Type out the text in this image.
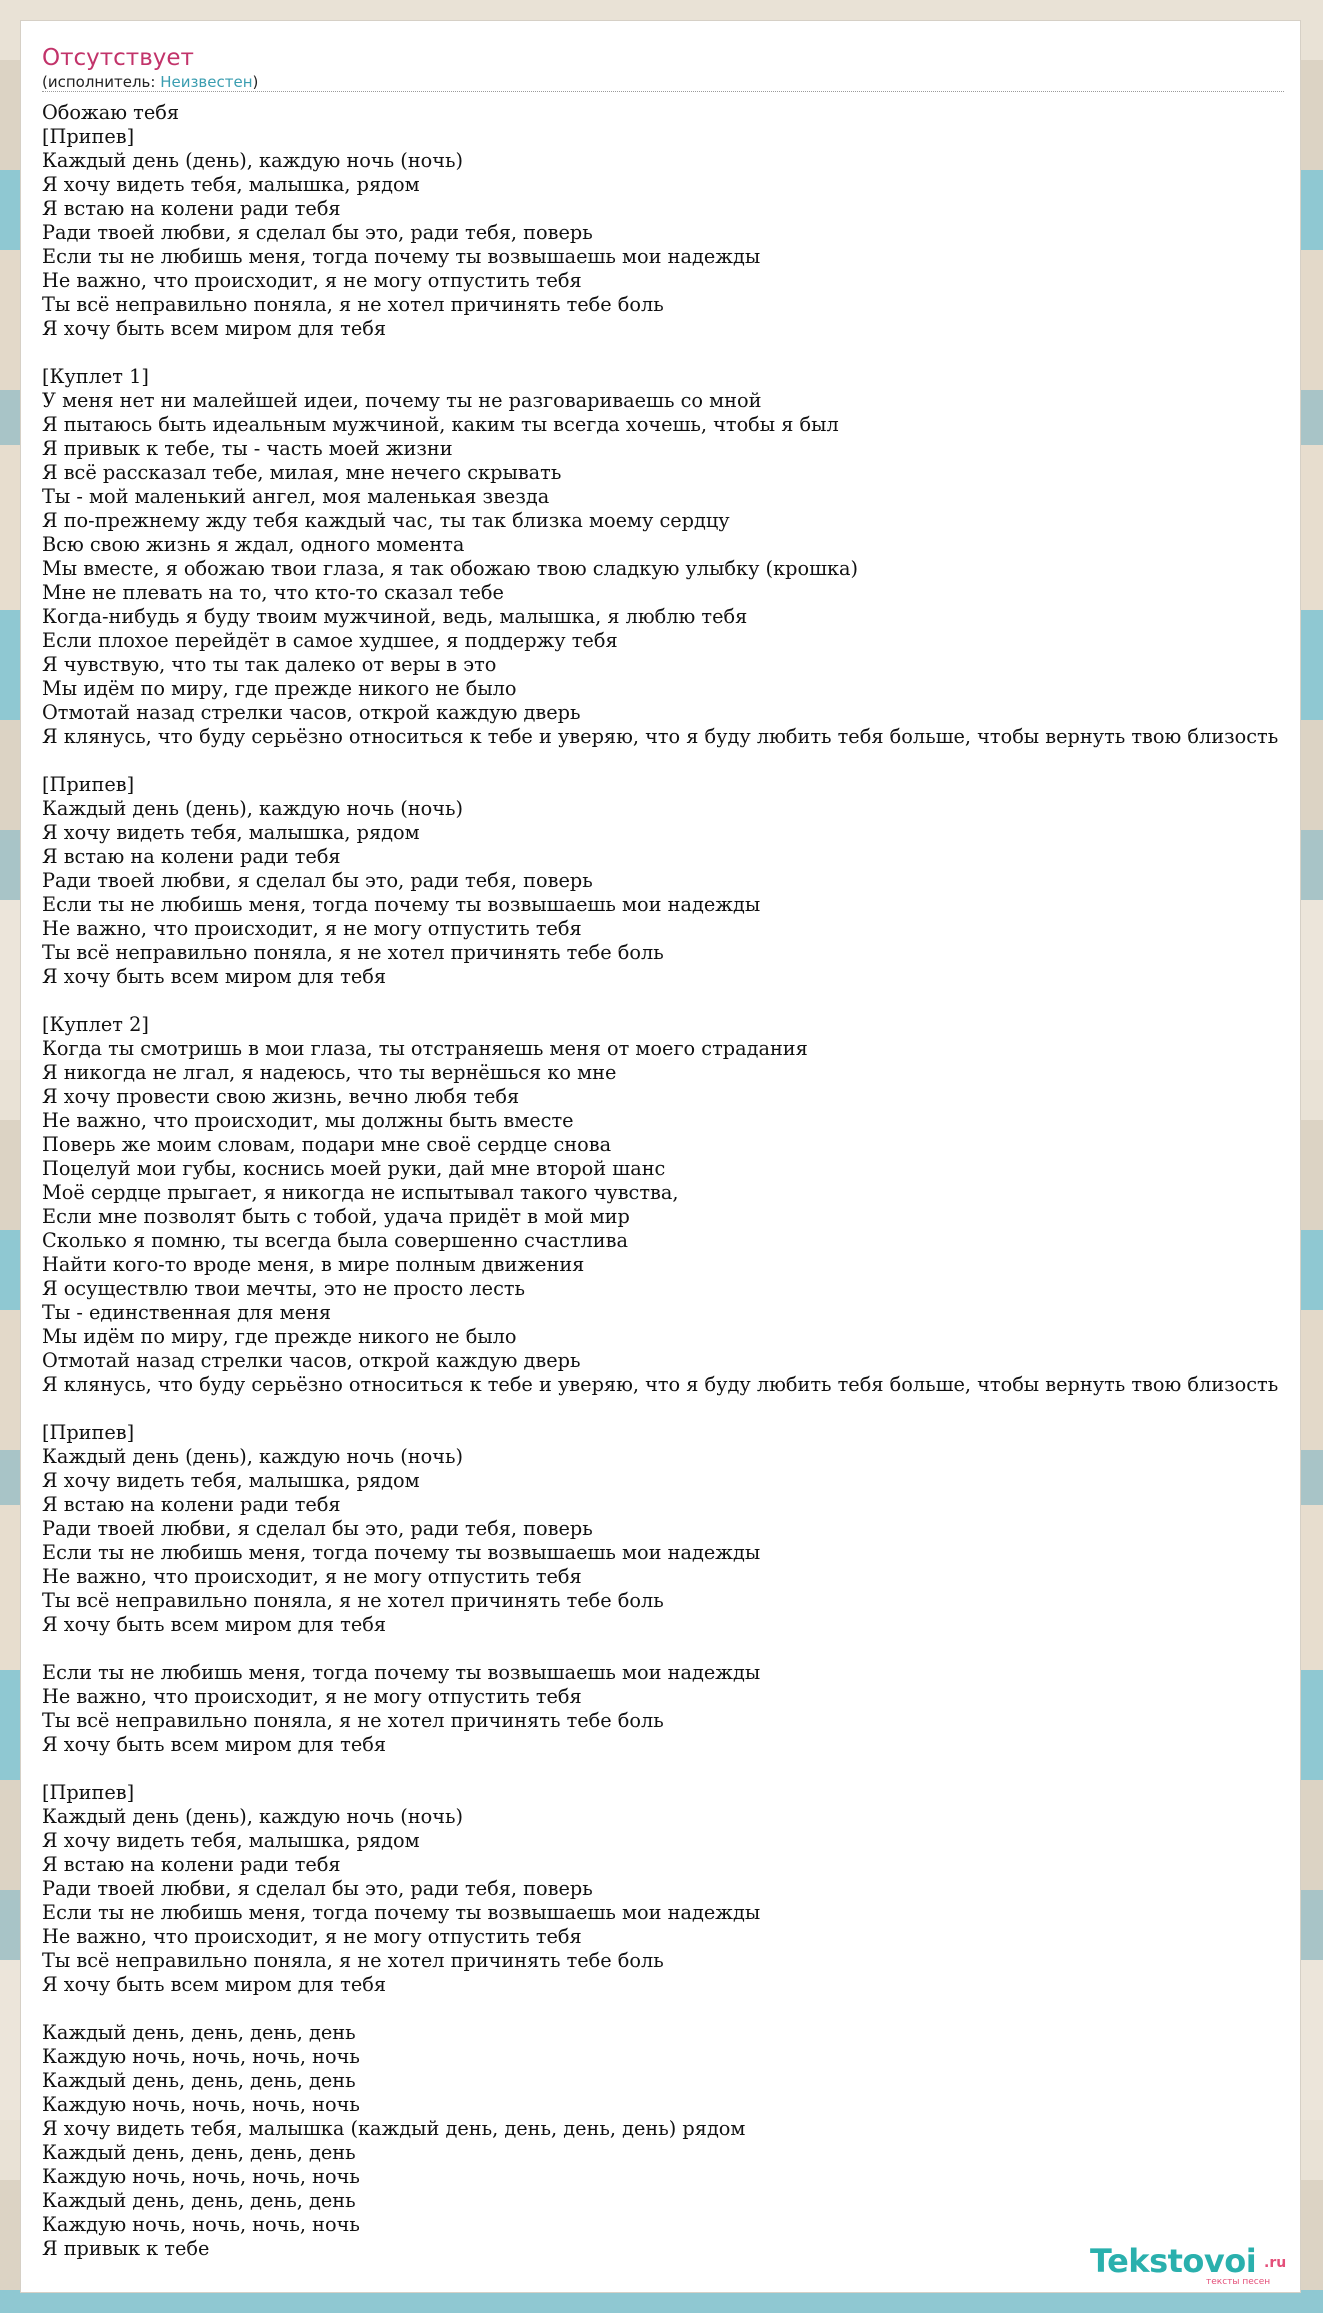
Отсутствует
(исполнитель: Неизвестен)
Обожаю тебя
[Припев]
Каждый день (день), каждую ночь (ночь)
Я хочу видеть тебя, малышка, рядом
Я встаю на колени ради тебя
Ради твоей любви, я сделал бы это, ради тебя, поверь
Если ты не любишь меня, тогда почему ты возвышаешь мои надежды
Не важно, что происходит, я не могу отпустить тебя
Ты всё неправильно поняла, я не хотел причинять тебе боль
Я хочу быть всем миром для тебя

[Куплет 1]
У меня нет ни малейшей идеи, почему ты не разговариваешь со мной
Я пытаюсь быть идеальным мужчиной, каким ты всегда хочешь, чтобы я был
Я привык к тебе, ты - часть моей жизни
Я всё рассказал тебе, милая, мне нечего скрывать
Ты - мой маленький ангел, моя маленькая звезда
Я по-прежнему жду тебя каждый час, ты так близка моему сердцу
Всю свою жизнь я ждал, одного момента
Мы вместе, я обожаю твои глаза, я так обожаю твою сладкую улыбку (крошка)
Мне не плевать на то, что кто-то сказал тебе
Когда-нибудь я буду твоим мужчиной, ведь, малышка, я люблю тебя
Если плохое перейдёт в самое худшее, я поддержу тебя
Я чувствую, что ты так далеко от веры в это
Мы идём по миру, где прежде никого не было
Отмотай назад стрелки часов, открой каждую дверь
Я клянусь, что буду серьёзно относиться к тебе и уверяю, что я буду любить тебя больше, чтобы вернуть твою близость

[Припев]
Каждый день (день), каждую ночь (ночь)
Я хочу видеть тебя, малышка, рядом
Я встаю на колени ради тебя
Ради твоей любви, я сделал бы это, ради тебя, поверь
Если ты не любишь меня, тогда почему ты возвышаешь мои надежды
Не важно, что происходит, я не могу отпустить тебя
Ты всё неправильно поняла, я не хотел причинять тебе боль
Я хочу быть всем миром для тебя

[Куплет 2]
Когда ты смотришь в мои глаза, ты отстраняешь меня от моего страдания
Я никогда не лгал, я надеюсь, что ты вернёшься ко мне
Я хочу провести свою жизнь, вечно любя тебя
Не важно, что происходит, мы должны быть вместе
Поверь же моим словам, подари мне своё сердце снова
Поцелуй мои губы, коснись моей руки, дай мне второй шанс
Моё сердце прыгает, я никогда не испытывал такого чувства,
Если мне позволят быть с тобой, удача придёт в мой мир
Сколько я помню, ты всегда была совершенно счастлива
Найти кого-то вроде меня, в мире полным движения
Я осуществлю твои мечты, это не просто лесть
Ты - единственная для меня
Мы идём по миру, где прежде никого не было
Отмотай назад стрелки часов, открой каждую дверь
Я клянусь, что буду серьёзно относиться к тебе и уверяю, что я буду любить тебя больше, чтобы вернуть твою близость

[Припев]
Каждый день (день), каждую ночь (ночь)
Я хочу видеть тебя, малышка, рядом
Я встаю на колени ради тебя
Ради твоей любви, я сделал бы это, ради тебя, поверь
Если ты не любишь меня, тогда почему ты возвышаешь мои надежды
Не важно, что происходит, я не могу отпустить тебя
Ты всё неправильно поняла, я не хотел причинять тебе боль
Я хочу быть всем миром для тебя

Если ты не любишь меня, тогда почему ты возвышаешь мои надежды
Не важно, что происходит, я не могу отпустить тебя
Ты всё неправильно поняла, я не хотел причинять тебе боль
Я хочу быть всем миром для тебя

[Припев]
Каждый день (день), каждую ночь (ночь)
Я хочу видеть тебя, малышка, рядом
Я встаю на колени ради тебя
Ради твоей любви, я сделал бы это, ради тебя, поверь
Если ты не любишь меня, тогда почему ты возвышаешь мои надежды
Не важно, что происходит, я не могу отпустить тебя
Ты всё неправильно поняла, я не хотел причинять тебе боль
Я хочу быть всем миром для тебя

Каждый день, день, день, день
Каждую ночь, ночь, ночь, ночь
Каждый день, день, день, день
Каждую ночь, ночь, ночь, ночь
Я хочу видеть тебя, малышка (каждый день, день, день, день) рядом
Каждый день, день, день, день
Каждую ночь, ночь, ночь, ночь
Каждый день, день, день, день
Каждую ночь, ночь, ночь, ночь
Я привык к тебе	Tekstovoi .ru
тексты песен
